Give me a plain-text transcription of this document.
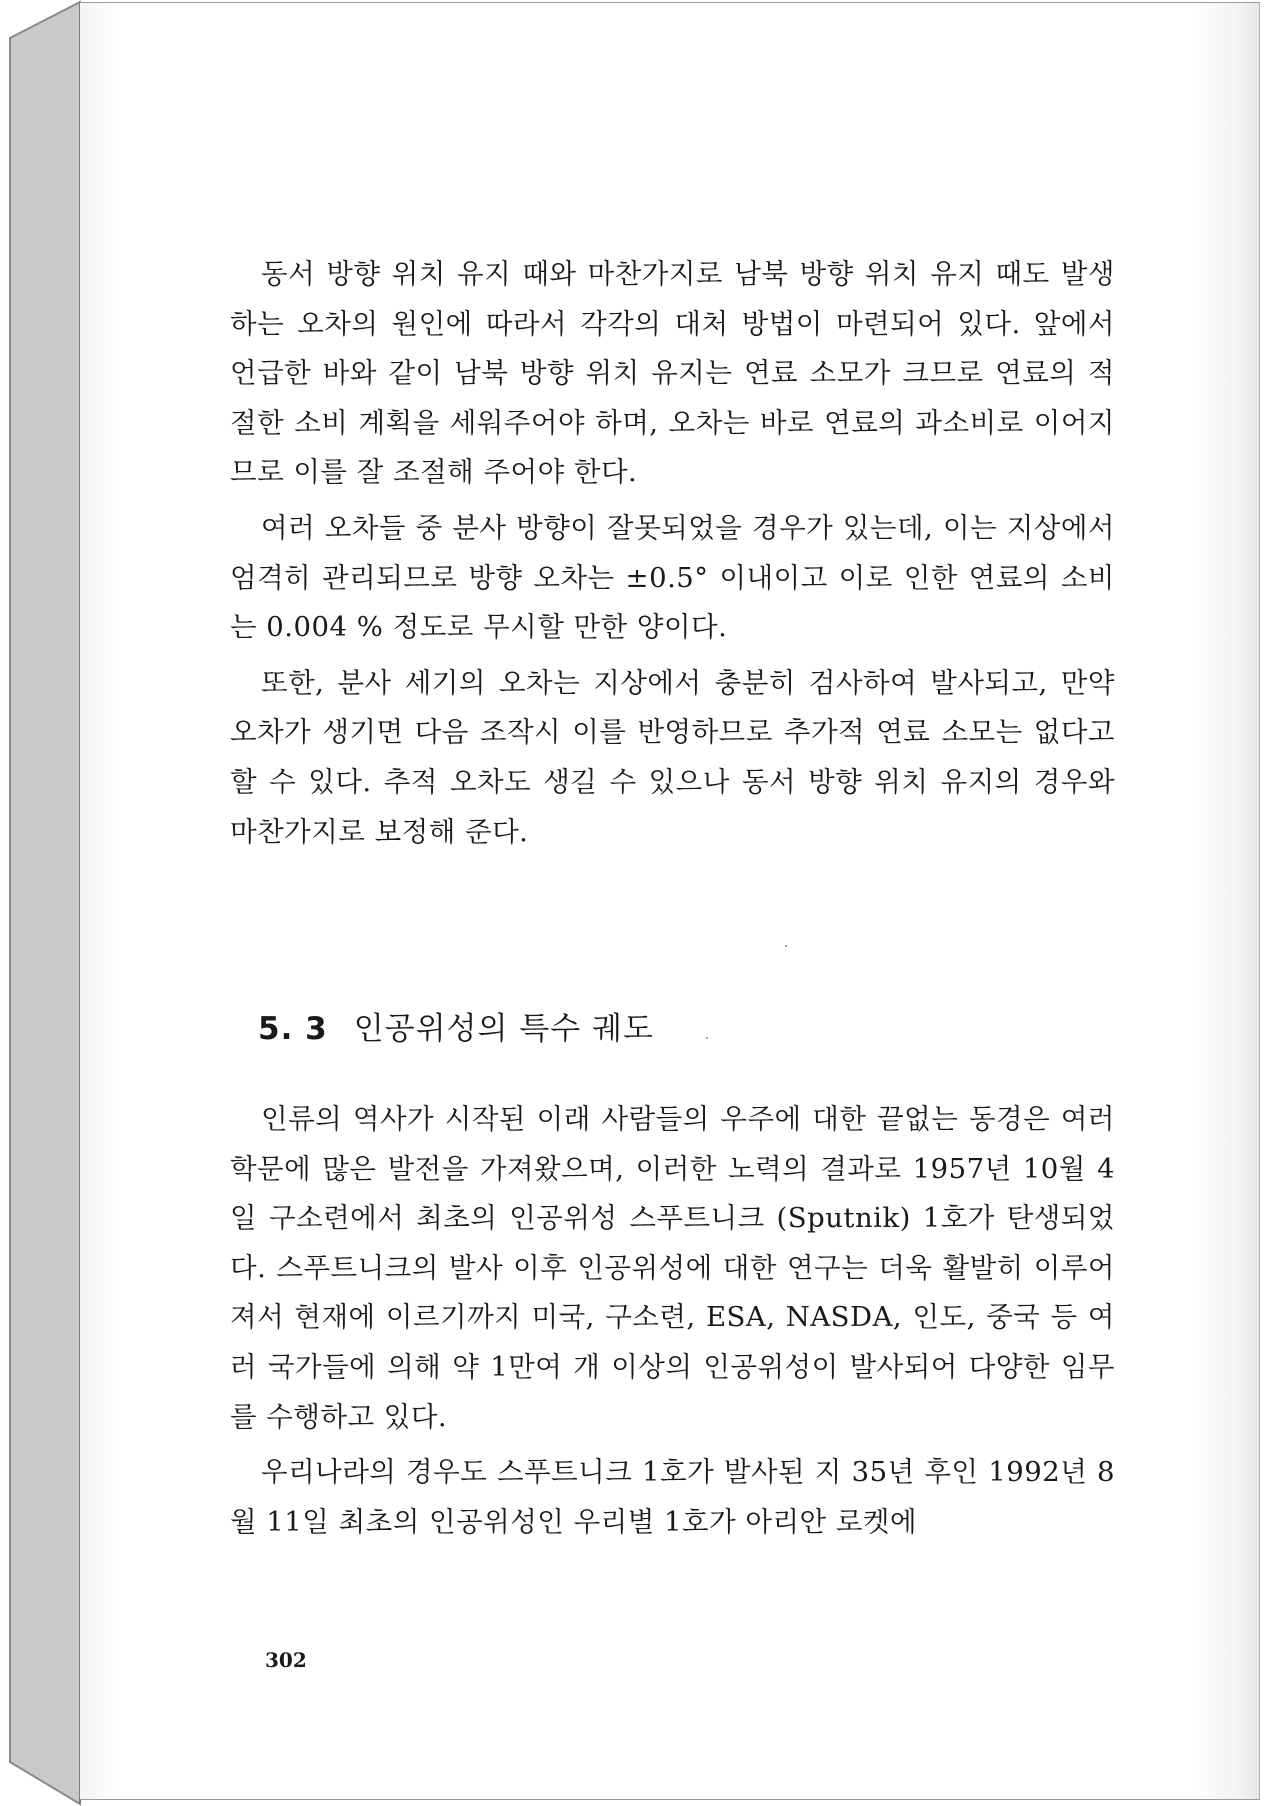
동서 방향 위치 유지 때와 마찬가지로 남북 방향 위치 유지 때도 발생하는 오차의 원인에 따라서 각각의 대처 방법이 마련되어 있다. 앞에서 언급한 바와 같이 남북 방향 위치 유지는 연료 소모가 크므로 연료의 적절한 소비 계획을 세워주어야 하며, 오차는 바로 연료의 과소비로 이어지므로 이를 잘 조절해 주어야 한다.

여러 오차들 중 분사 방향이 잘못되었을 경우가 있는데, 이는 지상에서 엄격히 관리되므로 방향 오차는 ±0.5° 이내이고 이로 인한 연료의 소비는 0.004 % 정도로 무시할 만한 양이다.

또한, 분사 세기의 오차는 지상에서 충분히 검사하여 발사되고, 만약 오차가 생기면 다음 조작시 이를 반영하므로 추가적 연료 소모는 없다고 할 수 있다. 추적 오차도 생길 수 있으나 동서 방향 위치 유지의 경우와 마찬가지로 보정해 준다.

5. 3 인공위성의 특수 궤도

인류의 역사가 시작된 이래 사람들의 우주에 대한 끝없는 동경은 여러 학문에 많은 발전을 가져왔으며, 이러한 노력의 결과로 1957년 10월 4일 구소련에서 최초의 인공위성 스푸트니크 (Sputnik) 1호가 탄생되었다. 스푸트니크의 발사 이후 인공위성에 대한 연구는 더욱 활발히 이루어져서 현재에 이르기까지 미국, 구소련, ESA, NASDA, 인도, 중국 등 여러 국가들에 의해 약 1만여 개 이상의 인공위성이 발사되어 다양한 임무를 수행하고 있다.

우리나라의 경우도 스푸트니크 1호가 발사된 지 35년 후인 1992년 8월 11일 최초의 인공위성인 우리별 1호가 아리안 로켓에

302
